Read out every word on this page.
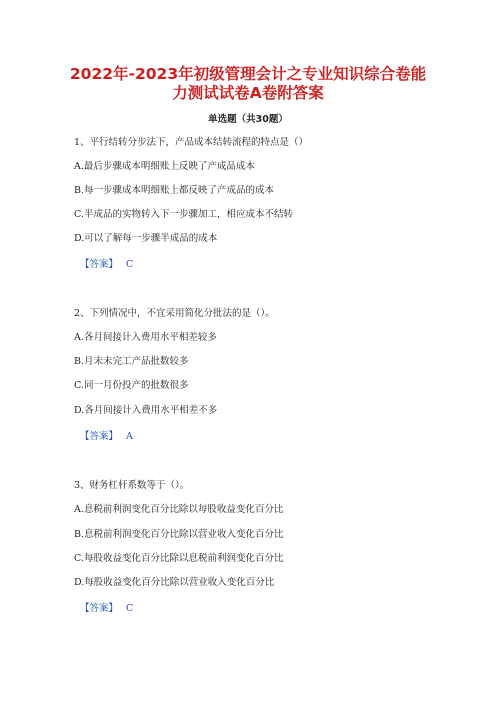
2022年-2023年初级管理会计之专业知识综合卷能
力测试试卷A卷附答案
单选题（共30题）
1、平行结转分步法下，产品成本结转流程的特点是（）
A.最后步骤成本明细账上反映了产成品成本
B.每一步骤成本明细账上都反映了产成品的成本
C.半成品的实物转入下一步骤加工，相应成本不结转
D.可以了解每一步骤半成品的成本
【答案】 C
2、下列情况中，不宜采用简化分批法的是（）。
A.各月间接计入费用水平相差较多
B.月末未完工产品批数较多
C.同一月份投产的批数很多
D.各月间接计入费用水平相差不多
【答案】 A
3、财务杠杆系数等于（）。
A.息税前利润变化百分比除以每股收益变化百分比
B.息税前利润变化百分比除以营业收入变化百分比
C.每股收益变化百分比除以息税前利润变化百分比
D.每股收益变化百分比除以营业收入变化百分比
【答案】 C
